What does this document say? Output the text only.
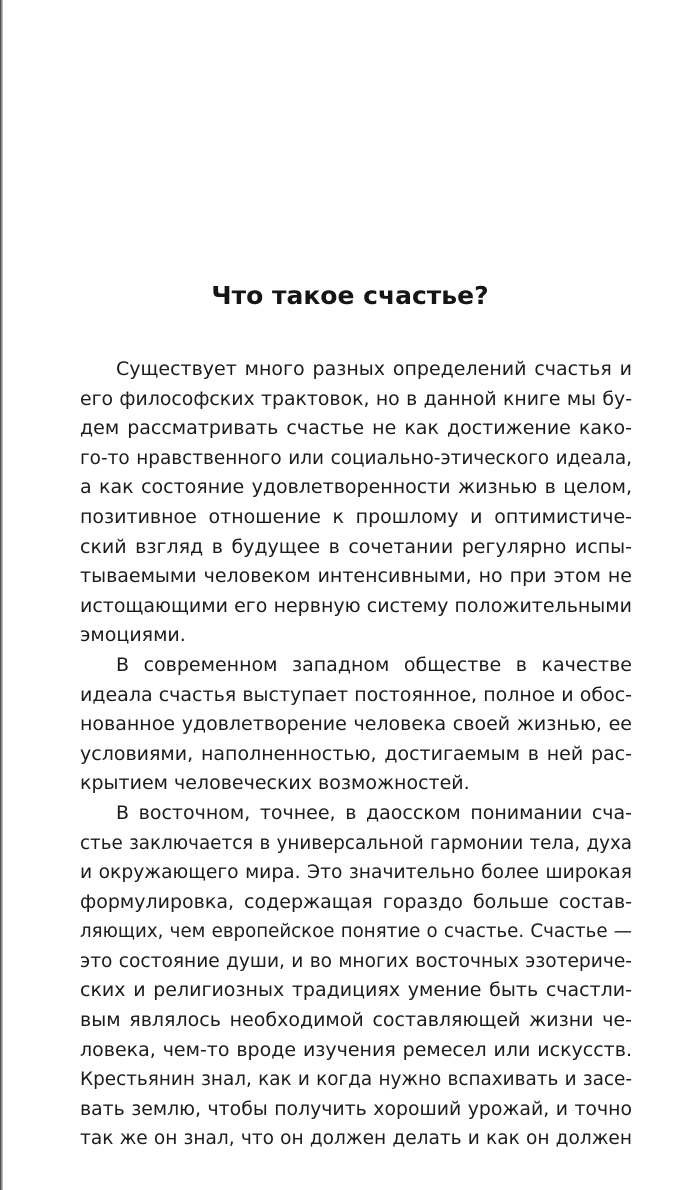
Что такое счастье?

Существует много разных определений счастья и
его философских трактовок, но в данной книге мы бу-
дем рассматривать счастье не как достижение како-
го-то нравственного или социально-этического идеала,
а как состояние удовлетворенности жизнью в целом,
позитивное отношение к прошлому и оптимистиче-
ский взгляд в будущее в сочетании регулярно испы-
тываемыми человеком интенсивными, но при этом не
истощающими его нервную систему положительными
эмоциями.

В современном западном обществе в качестве
идеала счастья выступает постоянное, полное и обос-
нованное удовлетворение человека своей жизнью, ее
условиями, наполненностью, достигаемым в ней рас-
крытием человеческих возможностей.

В восточном, точнее, в даосском понимании сча-
стье заключается в универсальной гармонии тела, духа
и окружающего мира. Это значительно более широкая
формулировка, содержащая гораздо больше состав-
ляющих, чем европейское понятие о счастье. Счастье —
это состояние души, и во многих восточных эзотериче-
ских и религиозных традициях умение быть счастли-
вым являлось необходимой составляющей жизни че-
ловека, чем-то вроде изучения ремесел или искусств.
Крестьянин знал, как и когда нужно вспахивать и засе-
вать землю, чтобы получить хороший урожай, и точно
так же он знал, что он должен делать и как он должен
